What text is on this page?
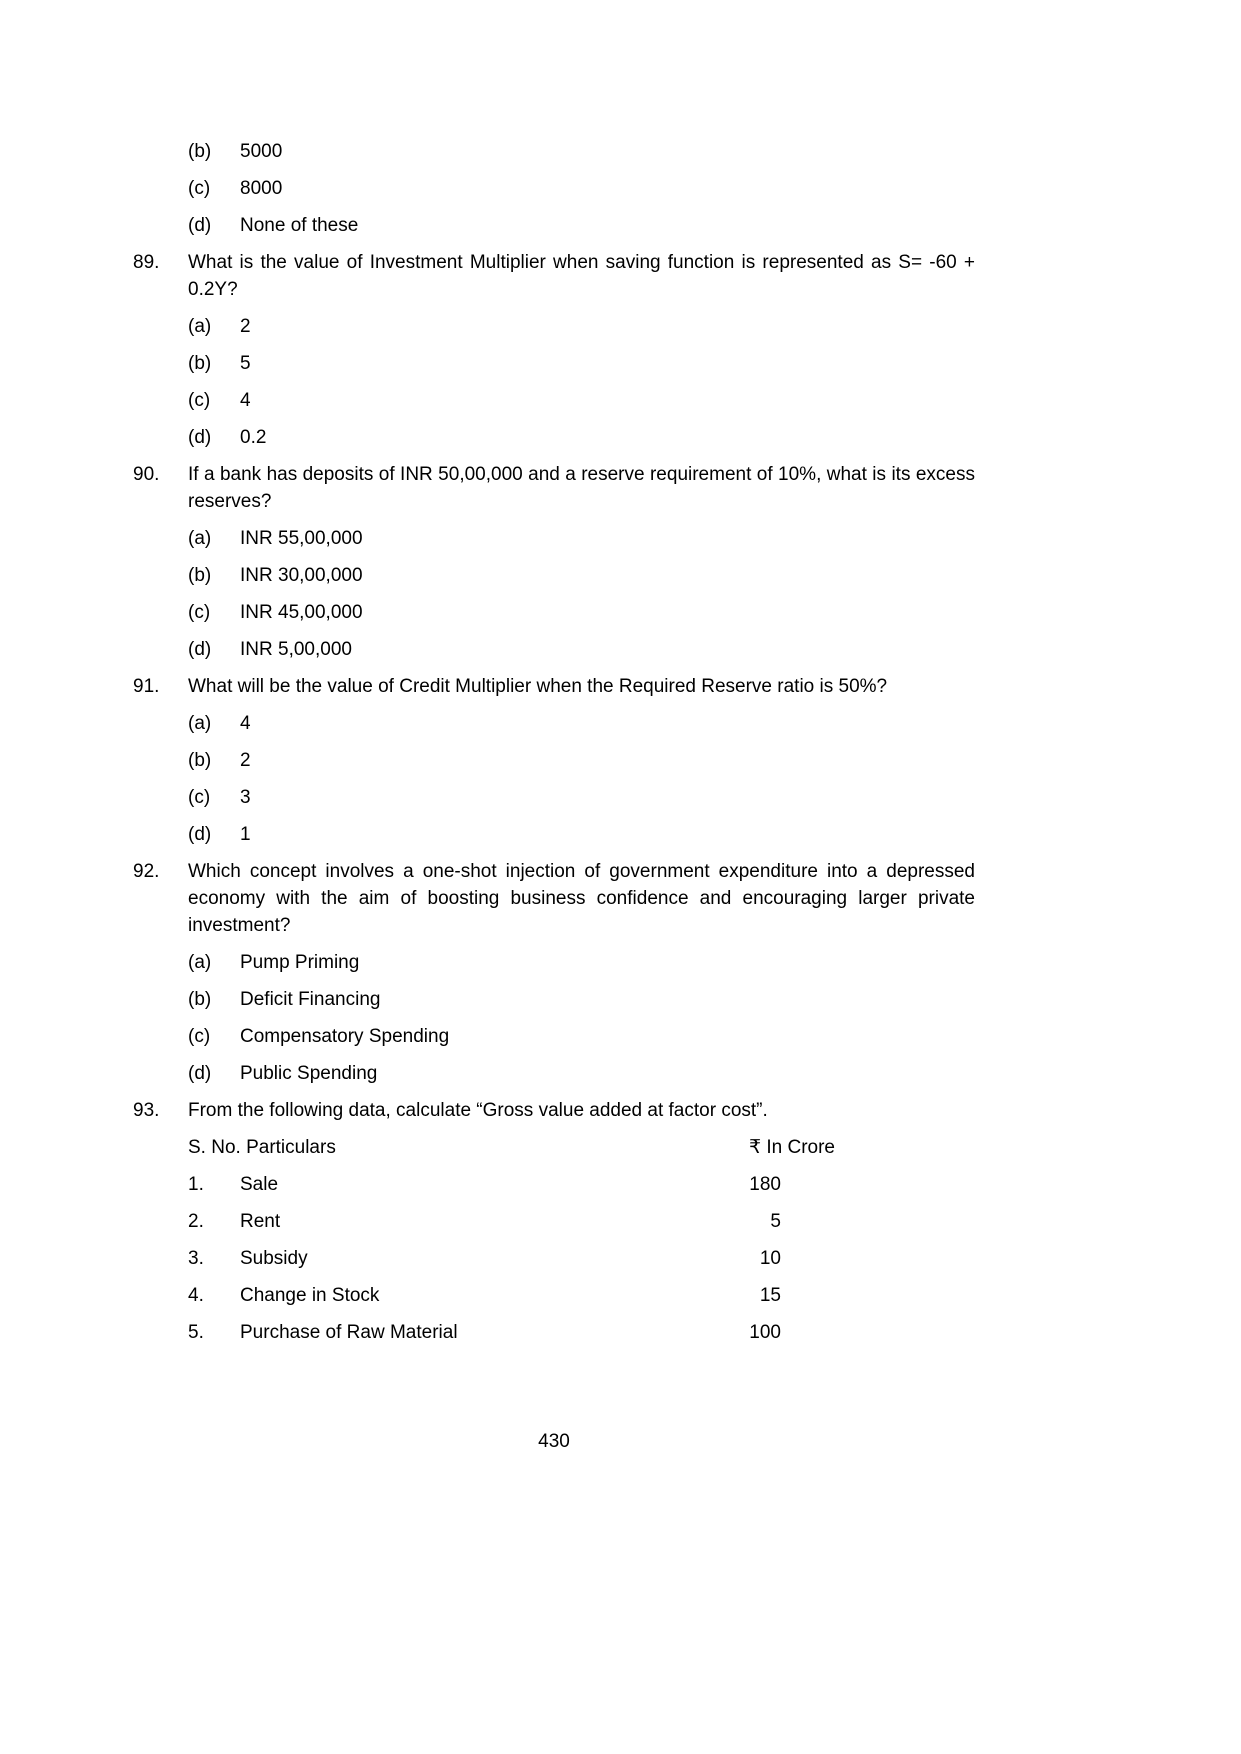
(b)	5000
(c)	8000
(d)	None of these
89.	What is the value of Investment Multiplier when saving function is represented as S= -60 + 0.2Y?
(a)	2
(b)	5
(c)	4
(d)	0.2
90.	If a bank has deposits of INR 50,00,000 and a reserve requirement of 10%, what is its excess reserves?
(a)	INR 55,00,000
(b)	INR 30,00,000
(c)	INR 45,00,000
(d)	INR 5,00,000
91.	What will be the value of Credit Multiplier when the Required Reserve ratio is 50%?
(a)	4
(b)	2
(c)	3
(d)	1
92.	Which concept involves a one-shot injection of government expenditure into a depressed economy with the aim of boosting business confidence and encouraging larger private investment?
(a)	Pump Priming
(b)	Deficit Financing
(c)	Compensatory Spending
(d)	Public Spending
93.	From the following data, calculate “Gross value added at factor cost”.
S. No. Particulars	₹ In Crore
1.	Sale	180
2.	Rent	5
3.	Subsidy	10
4.	Change in Stock	15
5.	Purchase of Raw Material	100
430
